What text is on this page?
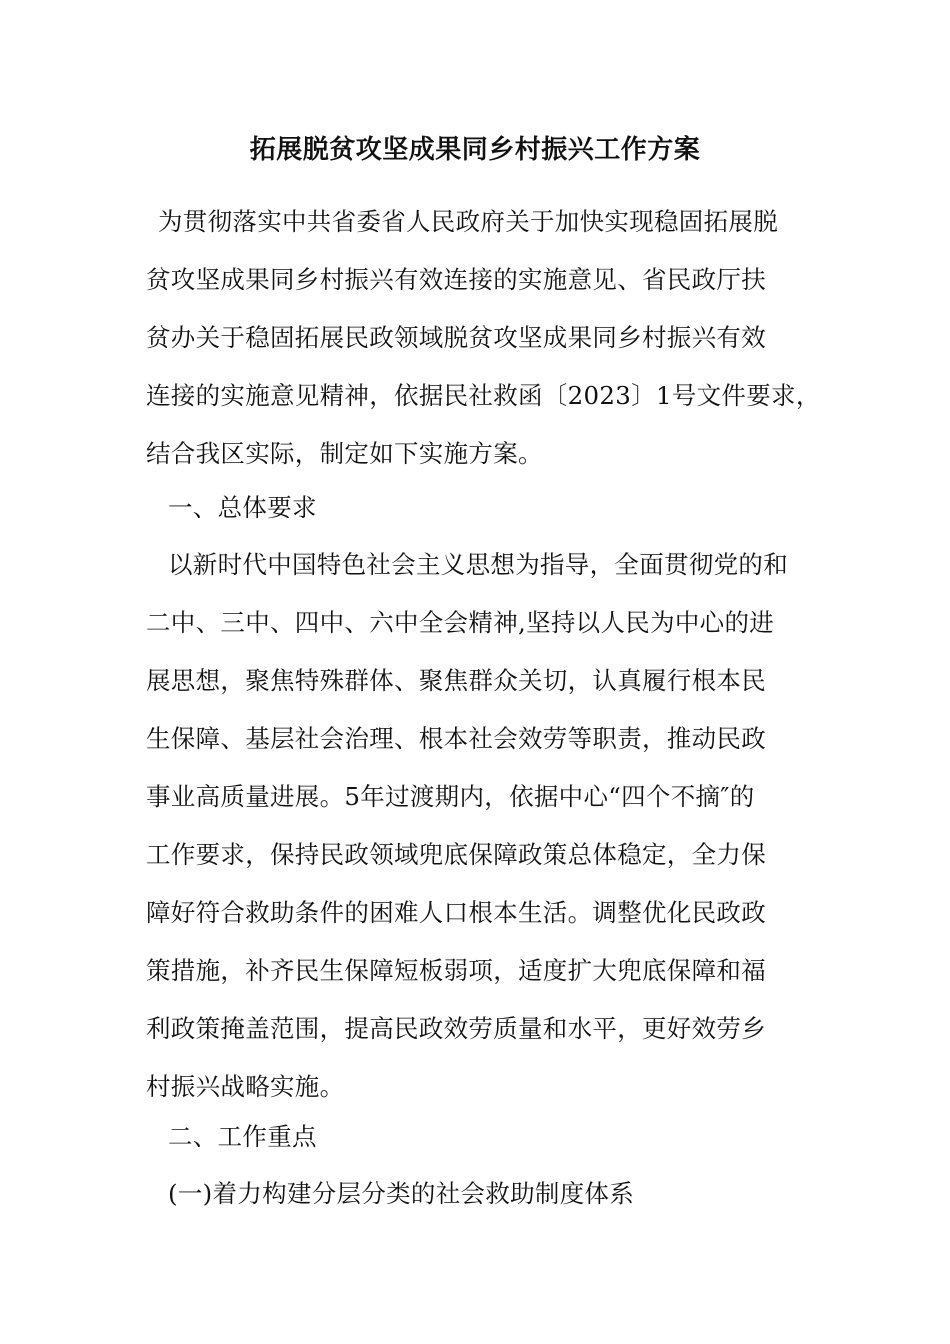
拓展脱贫攻坚成果同乡村振兴工作方案
为贯彻落实中共省委省人民政府关于加快实现稳固拓展脱
贫攻坚成果同乡村振兴有效连接的实施意见、省民政厅扶
贫办关于稳固拓展民政领域脱贫攻坚成果同乡村振兴有效
连接的实施意见精神，依据民社救函〔2023〕1号文件要求，
结合我区实际，制定如下实施方案。
一、总体要求
以新时代中国特色社会主义思想为指导，全面贯彻党的和
二中、三中、四中、六中全会精神,坚持以人民为中心的进
展思想，聚焦特殊群体、聚焦群众关切，认真履行根本民
生保障、基层社会治理、根本社会效劳等职责，推动民政
事业高质量进展。5年过渡期内，依据中心“四个不摘″的
工作要求，保持民政领域兜底保障政策总体稳定，全力保
障好符合救助条件的困难人口根本生活。调整优化民政政
策措施，补齐民生保障短板弱项，适度扩大兜底保障和福
利政策掩盖范围，提高民政效劳质量和水平，更好效劳乡
村振兴战略实施。
二、工作重点
(一)着力构建分层分类的社会救助制度体系
